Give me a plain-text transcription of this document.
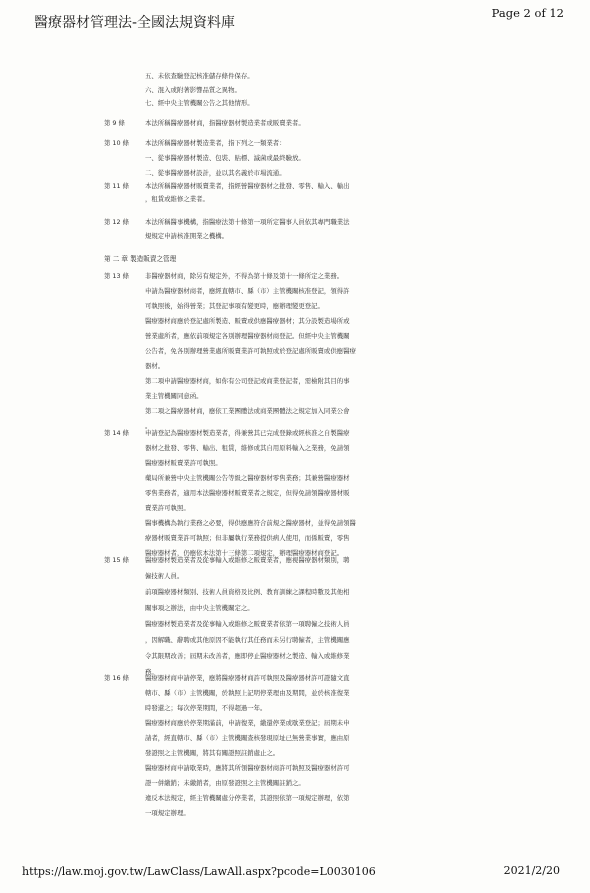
醫療器材管理法-全國法規資料庫
Page 2 of 12
五、未依查驗登記核准儲存條件保存。
六、混入或附著影響品質之異物。
七、經中央主管機關公告之其他情形。
第 9 條	本法所稱醫療器材商，指醫療器材製造業者或販賣業者。
第 10 條	本法所稱醫療器材製造業者，指下列之一類業者：
一、從事醫療器材製造、包裝、貼標、滅菌或最終驗放。
二、從事醫療器材設計，並以其名義於市場流通。
第 11 條	本法所稱醫療器材販賣業者，指經營醫療器材之批發、零售、輸入、輸出
，租賃或維修之業者。
第 12 條	本法所稱醫事機構，指醫療法第十條第一項所定醫事人員依其專門職業法
規規定申請核准開業之機構。
第 二 章 製造販賣之管理
第 13 條	非醫療器材商，除另有規定外，不得為第十條及第十一條所定之業務。
申請為醫療器材商者，應經直轄市、縣（市）主管機關核准登記，領得許
可執照後，始得營業；其登記事項有變更時，應辦理變更登記。
醫療器材商應於登記處所製造、販賣或供應醫療器材；其分設製造場所或
營業處所者，應依前項規定各別辦理醫療器材商登記。但經中央主管機關
公告者，免各別辦理營業處所販賣業許可執照或於登記處所販賣或供應醫療
器材。
第二項申請醫療器材商，如你有公司登記或商業登記者，需檢附其目的事
業主管機關同意函。
第二項之醫療器材商，應依工業團體法或商業團體法之規定加入同業公會
。
第 14 條	申請登記為醫療器材製造業者，得兼營其已完成登錄或經核准之自製醫療
器材之批發、零售、輸出、租賃，維修或其自用原料輸入之業務，免請領
醫療器材販賣業許可執照。
藥局所兼營中央主管機關公告等級之醫療器材零售業務；其兼營醫療器材
零售業務者，適用本法醫療器材販賣業者之規定，但得免請領醫療器材販
賣業許可執照。
醫事機構為執行業務之必要，得供應應符合前規之醫療器材，並得免請領醫
療器材販賣業許可執照；但非屬執行業務提供病人使用，而係販賣，零售
醫療器材者，仍應依本法第十三條第二項規定，辦理醫療器材商登記。
第 15 條	醫療器材製造業者及從事輸入或維修之販賣業者，應視醫療器材類別，聘
僱技術人員。
前項醫療器材類別、技術人員資格及比例、教育訓練之課程時數及其他相
關事項之辦法，由中央主管機關定之。
醫療器材製造業者及從事輸入或維修之販賣業者依第一項聘僱之技術人員
，因解職、辭聘或其他原因不能執行其任務而未另行聘僱者，主管機關應
令其限期改善；屆期未改善者，應即停止醫療器材之製造、輸入或維修業
務。
第 16 條	醫療器材商申請停業，應將醫療器材商許可執照及醫療器材許可證隨文直
轄市、縣（市）主管機關，於執照上記明停業理由及期間，並於核准復業
時發還之；每次停業期間，不得超過一年。
醫療器材商應於停業期滿前，申請復業，繳還停業或歇業登記；屆期未申
請者，經直轄市、縣（市）主管機關查核發現原址已無營業事實，應由原
發證照之主管機關，將其有關證照註銷處止之。
醫療器材商申請歇業時，應將其所領醫療器材商許可執照及醫療器材許可
證一併繳銷；未繳銷者，由原發證照之主管機關註銷之。
違反本法規定，經主管機關處分停業者，其證照依第一項規定辦理，依第
一項規定辦理。
https://law.moj.gov.tw/LawClass/LawAll.aspx?pcode=L0030106	2021/2/20
